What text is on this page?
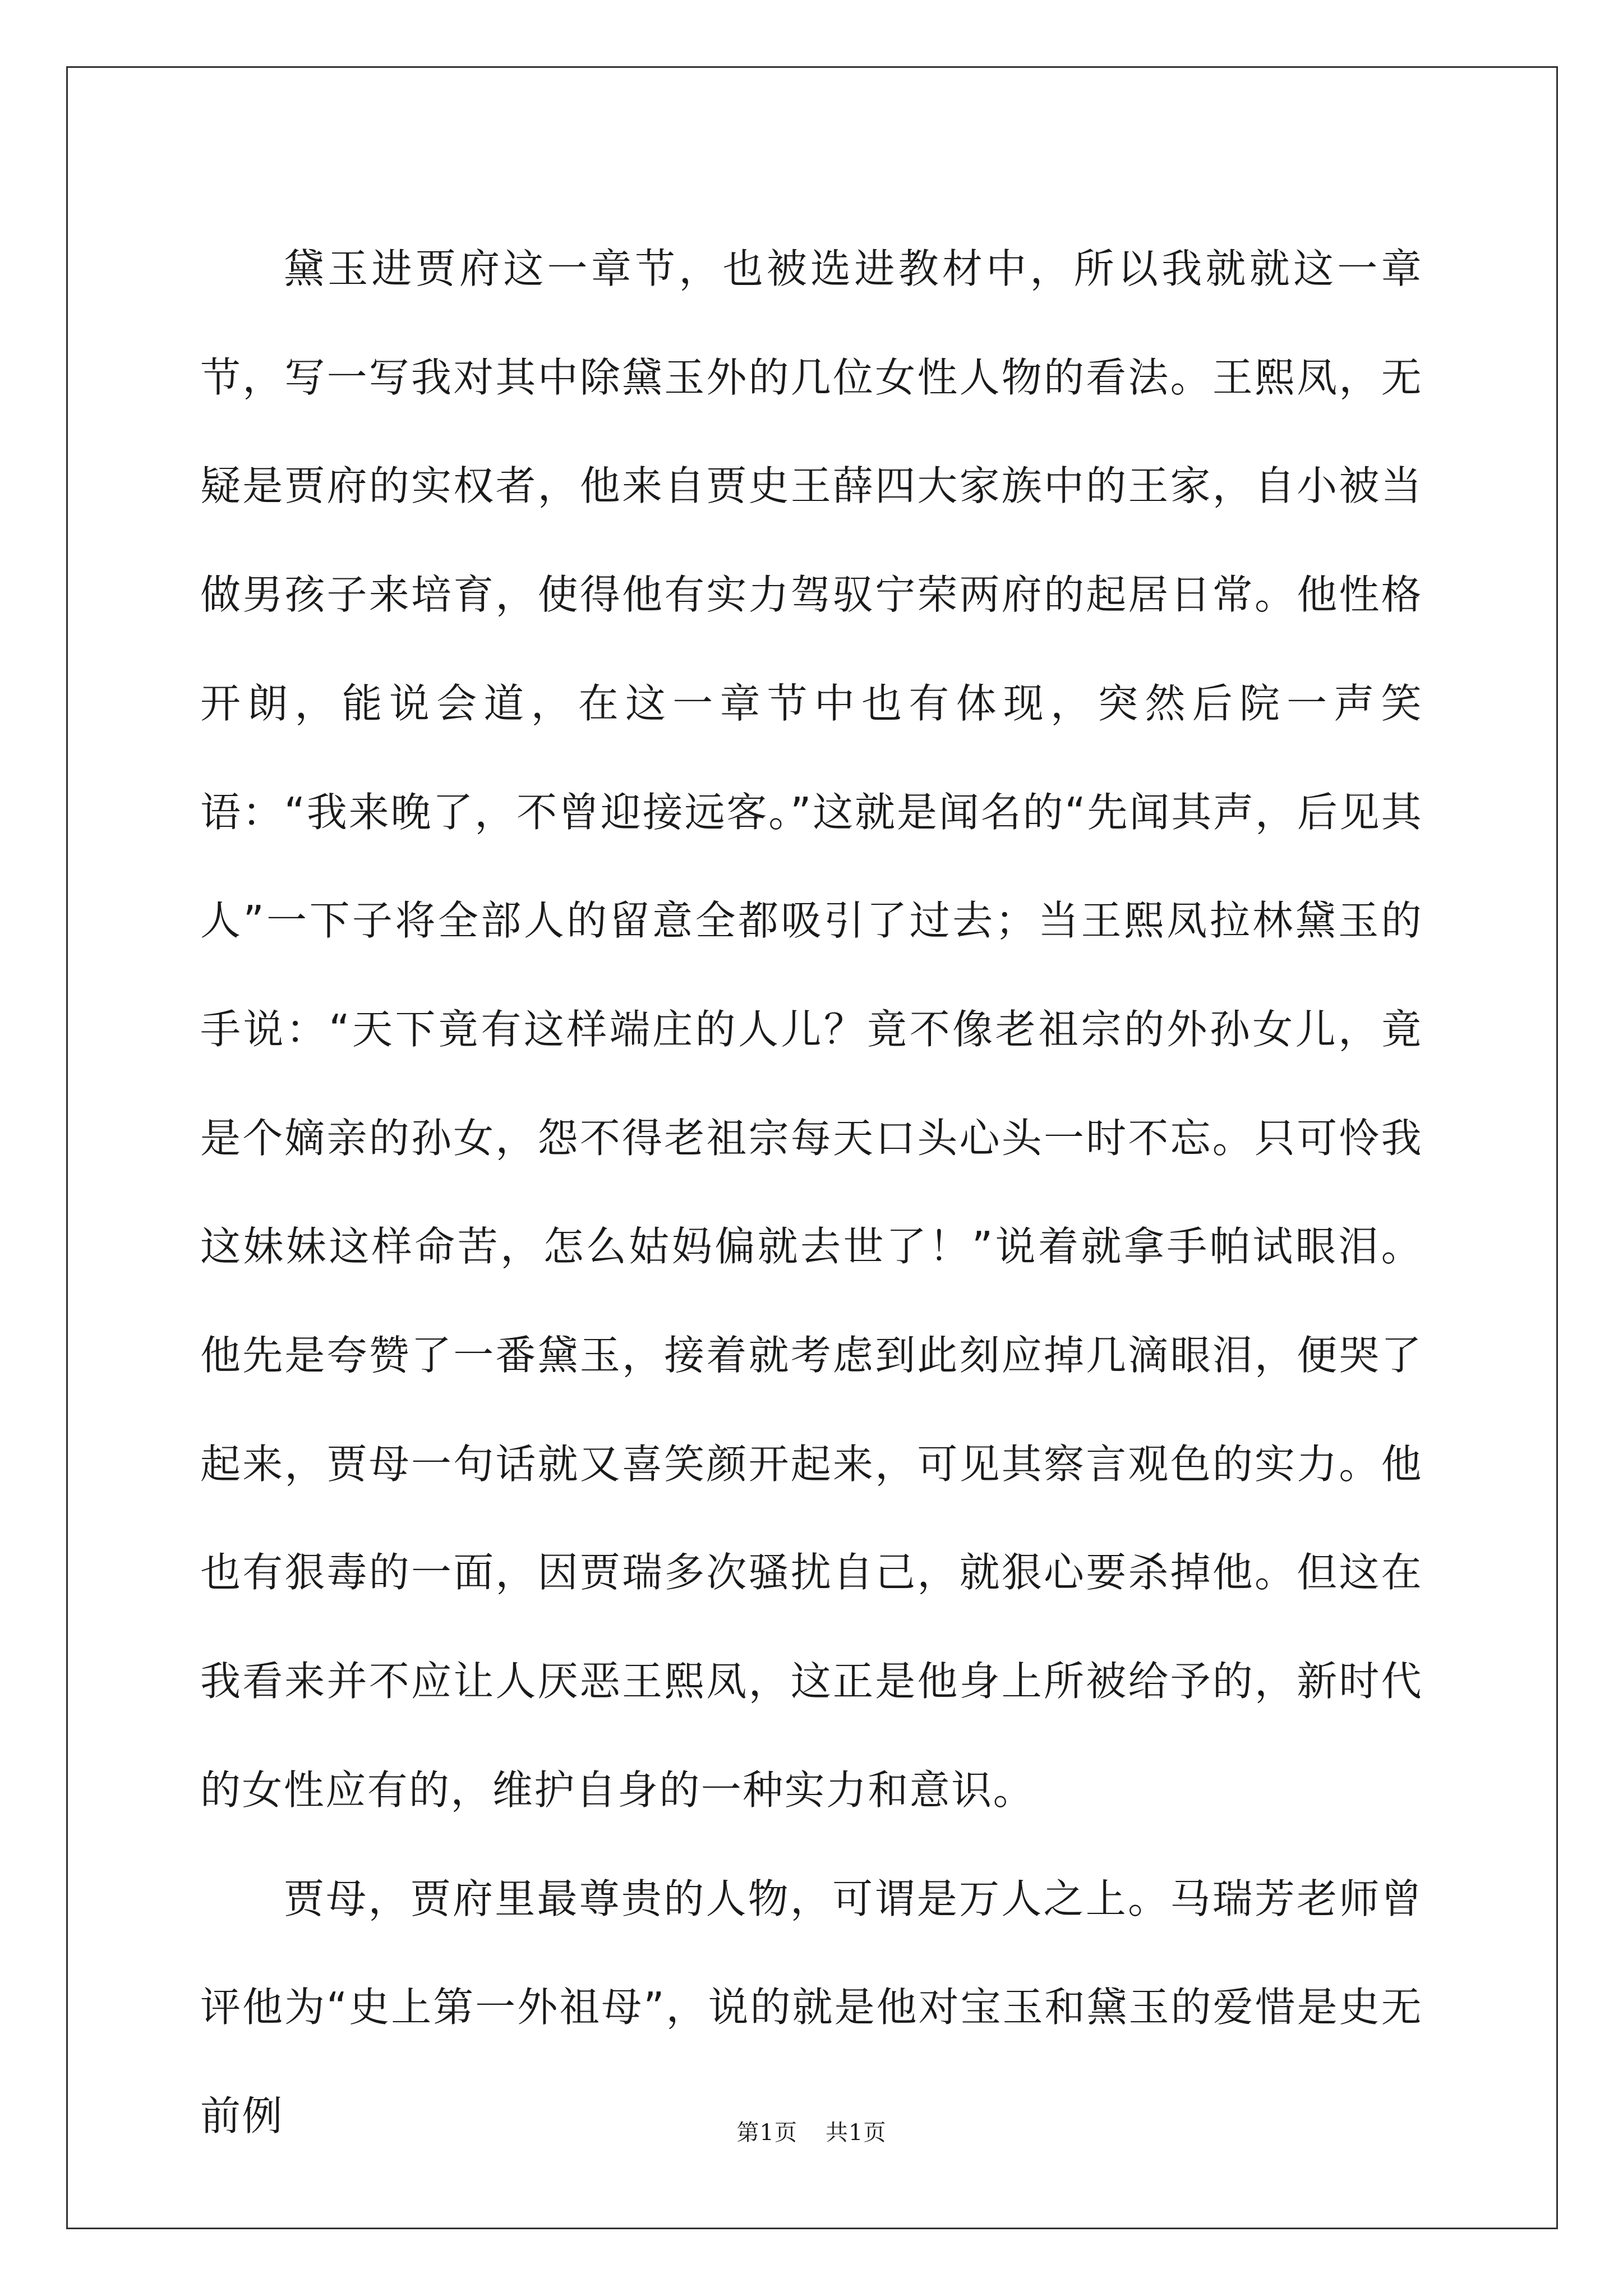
黛玉进贾府这一章节，也被选进教材中，所以我就就这一章节，写一写我对其中除黛玉外的几位女性人物的看法。王熙凤，无疑是贾府的实权者，他来自贾史王薛四大家族中的王家，自小被当做男孩子来培育，使得他有实力驾驭宁荣两府的起居日常。他性格开朗，能说会道，在这一章节中也有体现，突然后院一声笑语：“我来晚了，不曾迎接远客。”这就是闻名的“先闻其声，后见其人”一下子将全部人的留意全都吸引了过去；当王熙凤拉林黛玉的手说：“天下竟有这样端庄的人儿？竟不像老祖宗的外孙女儿，竟是个嫡亲的孙女，怨不得老祖宗每天口头心头一时不忘。只可怜我这妹妹这样命苦，怎么姑妈偏就去世了！”说着就拿手帕试眼泪。他先是夸赞了一番黛玉，接着就考虑到此刻应掉几滴眼泪，便哭了起来，贾母一句话就又喜笑颜开起来，可见其察言观色的实力。他也有狠毒的一面，因贾瑞多次骚扰自己，就狠心要杀掉他。但这在我看来并不应让人厌恶王熙凤，这正是他身上所被给予的，新时代的女性应有的，维护自身的一种实力和意识。

贾母，贾府里最尊贵的人物，可谓是万人之上。马瑞芳老师曾评他为“史上第一外祖母”，说的就是他对宝玉和黛玉的爱惜是史无前例	第1页 共1页
